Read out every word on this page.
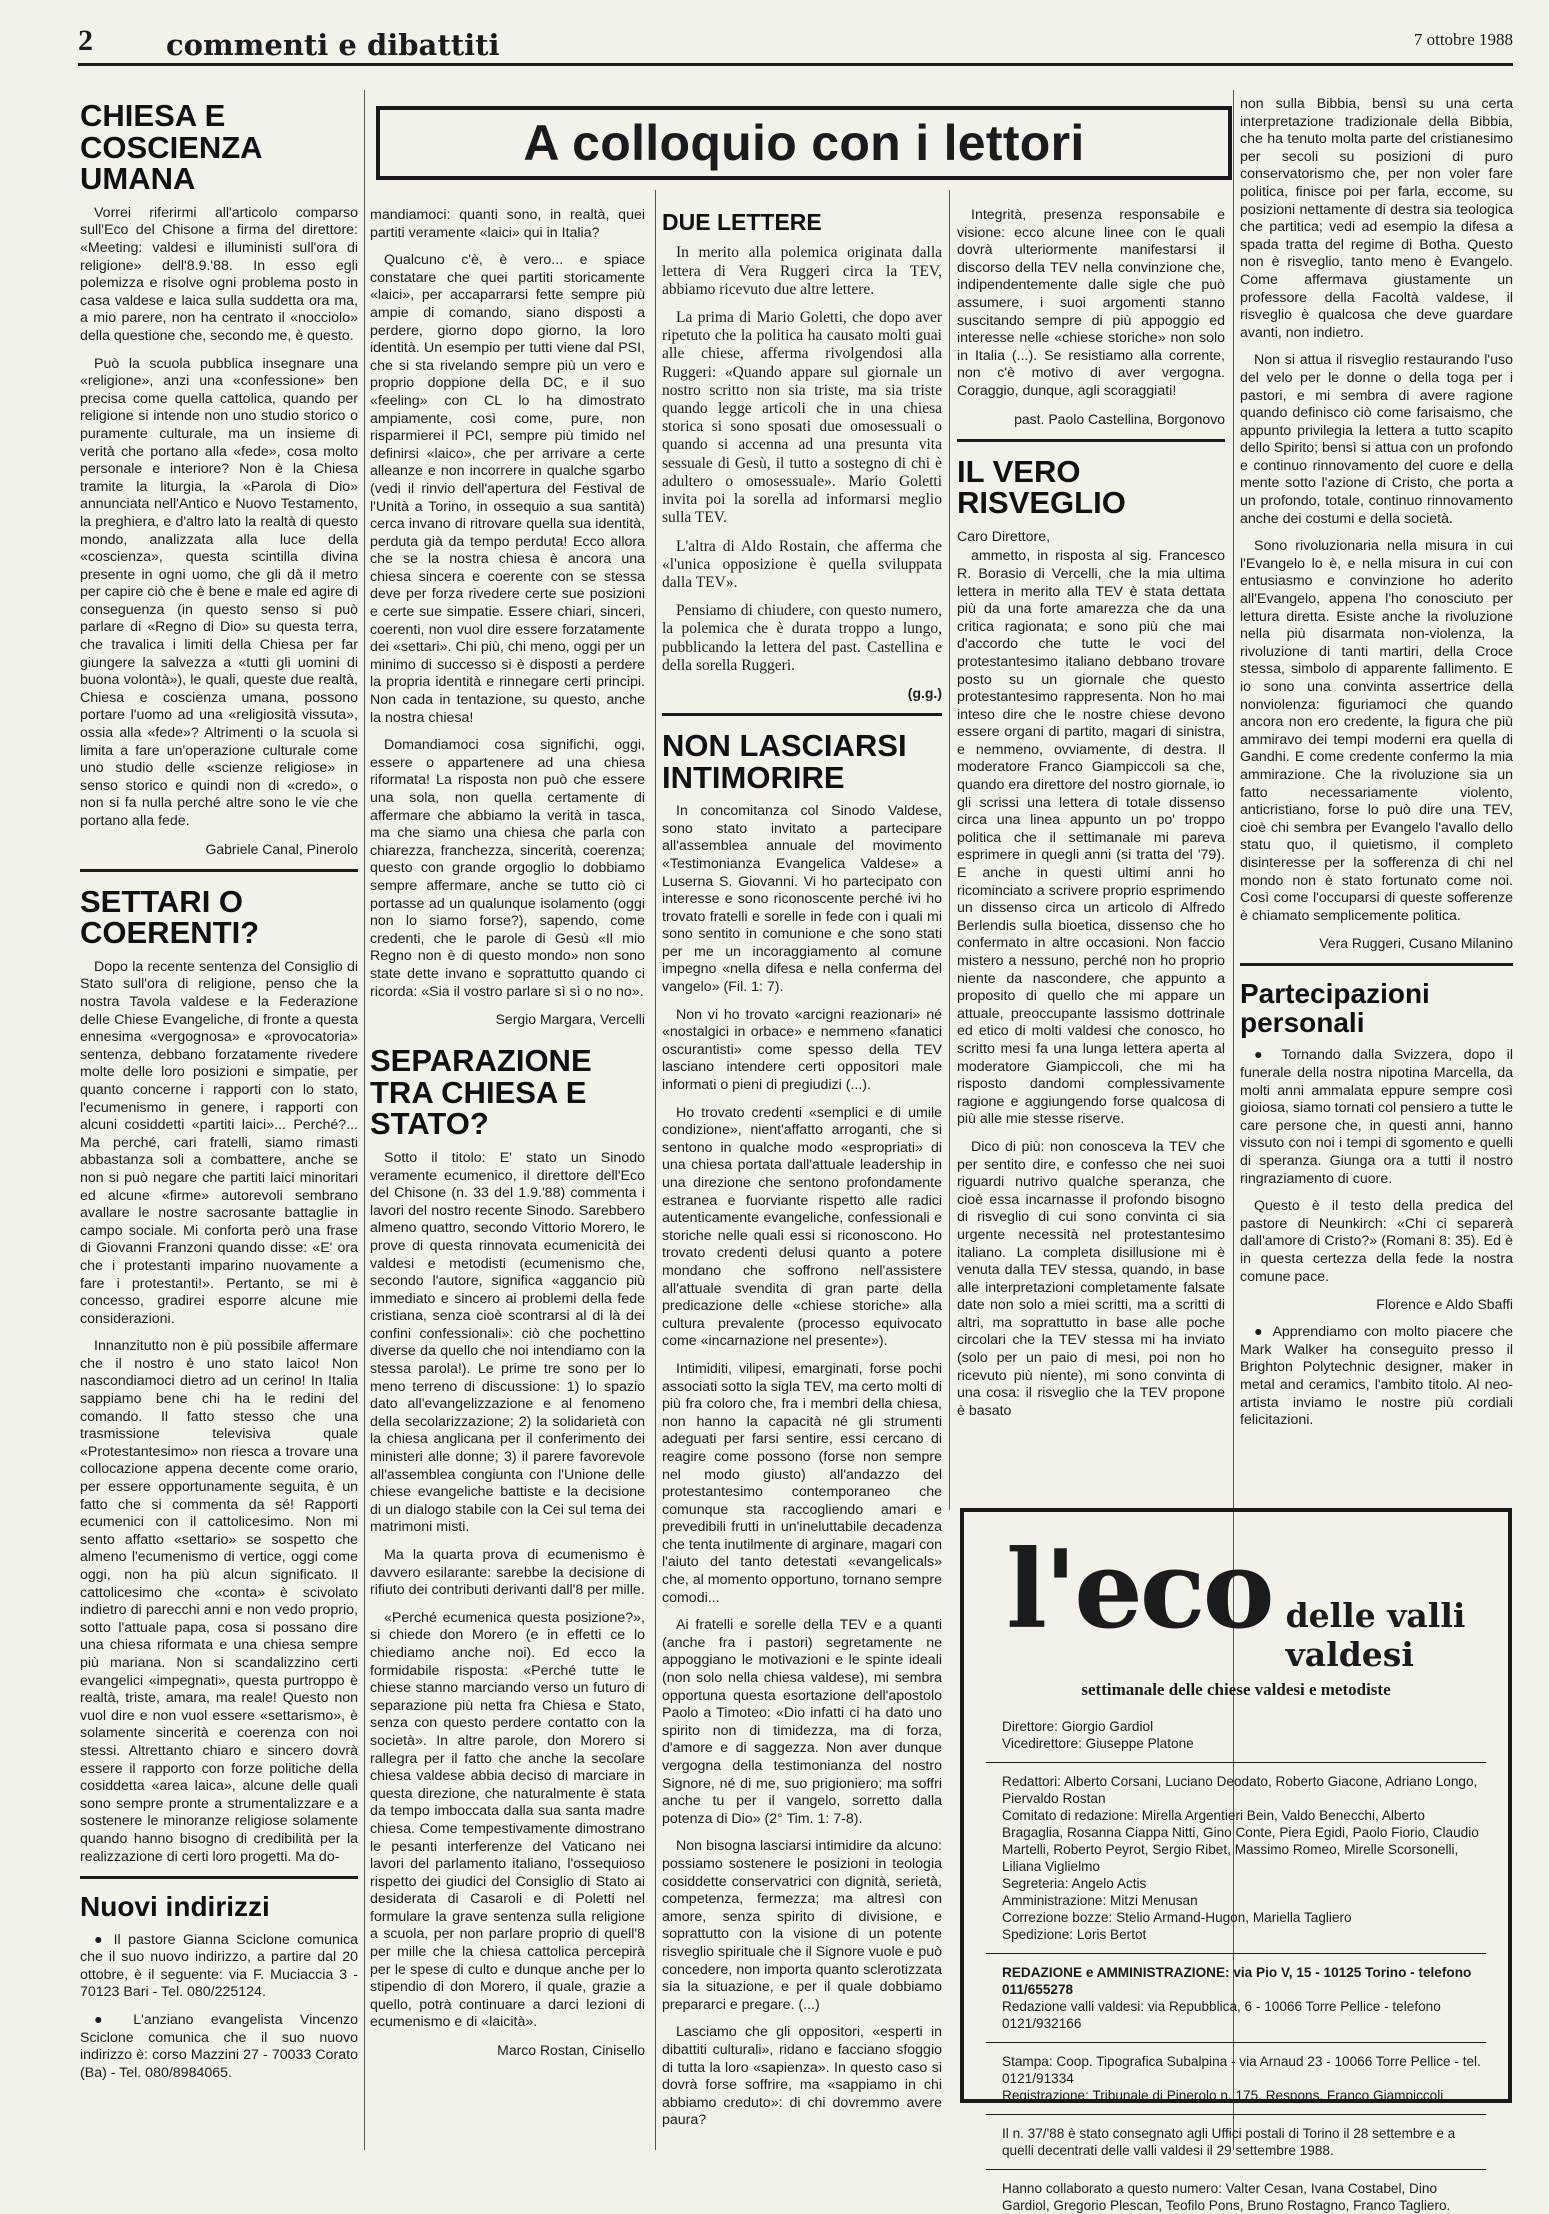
2	commenti e dibattiti	7 ottobre 1988
A colloquio con i lettori
CHIESA E COSCIENZA UMANA

Vorrei riferirmi all'articolo comparso sull'Eco del Chisone a firma del direttore: «Meeting: valdesi e illuministi sull'ora di religione» dell'8.9.'88. In esso egli polemizza e risolve ogni problema posto in casa valdese e laica sulla suddetta ora ma, a mio parere, non ha centrato il «nocciolo» della questione che, secondo me, è questo.

Può la scuola pubblica insegnare una «religione», anzi una «confessione» ben precisa come quella cattolica, quando per religione si intende non uno studio storico o puramente culturale, ma un insieme di verità che portano alla «fede», cosa molto personale e interiore? Non è la Chiesa tramite la liturgia, la «Parola di Dio» annunciata nell'Antico e Nuovo Testamento, la preghiera, e d'altro lato la realtà di questo mondo, analizzata alla luce della «coscienza», questa scintilla divina presente in ogni uomo, che gli dà il metro per capire ciò che è bene e male ed agire di conseguenza (in questo senso si può parlare di «Regno di Dio» su questa terra, che travalica i limiti della Chiesa per far giungere la salvezza a «tutti gli uomini di buona volontà»), le quali, queste due realtà, Chiesa e coscienza umana, possono portare l'uomo ad una «religiosità vissuta», ossia alla «fede»? Altrimenti o la scuola si limita a fare un'operazione culturale come uno studio delle «scienze religiose» in senso storico e quindi non di «credo», o non si fa nulla perché altre sono le vie che portano alla fede.

Gabriele Canal, Pinerolo
SETTARI O COERENTI?

Dopo la recente sentenza del Consiglio di Stato sull'ora di religione, penso che la nostra Tavola valdese e la Federazione delle Chiese Evangeliche, di fronte a questa ennesima «vergognosa» e «provocatoria» sentenza, debbano forzatamente rivedere molte delle loro posizioni e simpatie, per quanto concerne i rapporti con lo stato, l'ecumenismo in genere, i rapporti con alcuni cosiddetti «partiti laici»... Perché?... Ma perché, cari fratelli, siamo rimasti abbastanza soli a combattere, anche se non si può negare che partiti laici minoritari ed alcune «firme» autorevoli sembrano avallare le nostre sacrosante battaglie in campo sociale. Mi conforta però una frase di Giovanni Franzoni quando disse: «E' ora che i protestanti imparino nuovamente a fare i protestanti!». Pertanto, se mi è concesso, gradirei esporre alcune mie considerazioni.

Innanzitutto non è più possibile affermare che il nostro è uno stato laico! Non nascondiamoci dietro ad un cerino! In Italia sappiamo bene chi ha le redini del comando. Il fatto stesso che una trasmissione televisiva quale «Protestantesimo» non riesca a trovare una collocazione appena decente come orario, per essere opportunamente seguita, è un fatto che si commenta da sé! Rapporti ecumenici con il cattolicesimo. Non mi sento affatto «settario» se sospetto che almeno l'ecumenismo di vertice, oggi come oggi, non ha più alcun significato. Il cattolicesimo che «conta» è scivolato indietro di parecchi anni e non vedo proprio, sotto l'attuale papa, cosa si possano dire una chiesa riformata e una chiesa sempre più mariana. Non si scandalizzino certi evangelici «impegnati», questa purtroppo è realtà, triste, amara, ma reale! Questo non vuol dire e non vuol essere «settarismo», è solamente sincerità e coerenza con noi stessi. Altrettanto chiaro e sincero dovrà essere il rapporto con forze politiche della cosiddetta «area laica», alcune delle quali sono sempre pronte a strumentalizzare e a sostenere le minoranze religiose solamente quando hanno bisogno di credibilità per la realizzazione di certi loro progetti. Ma do-

Nuovi indirizzi

● Il pastore Gianna Sciclone comunica che il suo nuovo indirizzo, a partire dal 20 ottobre, è il seguente: via F. Muciaccia 3 - 70123 Bari - Tel. 080/225124.

● L'anziano evangelista Vincenzo Sciclone comunica che il suo nuovo indirizzo è: corso Mazzini 27 - 70033 Corato (Ba) - Tel. 080/8984065.

mandiamoci: quanti sono, in realtà, quei partiti veramente «laici» qui in Italia?

Qualcuno c'è, è vero... e spiace constatare che quei partiti storicamente «laici», per accaparrarsi fette sempre più ampie di comando, siano disposti a perdere, giorno dopo giorno, la loro identità. Un esempio per tutti viene dal PSI, che si sta rivelando sempre più un vero e proprio doppione della DC, e il suo «feeling» con CL lo ha dimostrato ampiamente, così come, pure, non risparmierei il PCI, sempre più timido nel definirsi «laico», che per arrivare a certe alleanze e non incorrere in qualche sgarbo (vedi il rinvio dell'apertura del Festival de l'Unità a Torino, in ossequio a sua santità) cerca invano di ritrovare quella sua identità, perduta già da tempo perduta! Ecco allora che se la nostra chiesa è ancora una chiesa sincera e coerente con se stessa deve per forza rivedere certe sue posizioni e certe sue simpatie. Essere chiari, sinceri, coerenti, non vuol dire essere forzatamente dei «settari». Chi più, chi meno, oggi per un minimo di successo si è disposti a perdere la propria identità e rinnegare certi principi. Non cada in tentazione, su questo, anche la nostra chiesa!

Domandiamoci cosa significhi, oggi, essere o appartenere ad una chiesa riformata! La risposta non può che essere una sola, non quella certamente di affermare che abbiamo la verità in tasca, ma che siamo una chiesa che parla con chiarezza, franchezza, sincerità, coerenza; questo con grande orgoglio lo dobbiamo sempre affermare, anche se tutto ciò ci portasse ad un qualunque isolamento (oggi non lo siamo forse?), sapendo, come credenti, che le parole di Gesù «Il mio Regno non è di questo mondo» non sono state dette invano e soprattutto quando ci ricorda: «Sia il vostro parlare sì sì o no no».

Sergio Margara, Vercelli
SEPARAZIONE TRA CHIESA E STATO?

Sotto il titolo: E' stato un Sinodo veramente ecumenico, il direttore dell'Eco del Chisone (n. 33 del 1.9.'88) commenta i lavori del nostro recente Sinodo. Sarebbero almeno quattro, secondo Vittorio Morero, le prove di questa rinnovata ecumenicità dei valdesi e metodisti (ecumenismo che, secondo l'autore, significa «aggancio più immediato e sincero ai problemi della fede cristiana, senza cioè scontrarsi al di là dei confini confessionali»: ciò che pochettino diverse da quello che noi intendiamo con la stessa parola!). Le prime tre sono per lo meno terreno di discussione: 1) lo spazio dato all'evangelizzazione e al fenomeno della secolarizzazione; 2) la solidarietà con la chiesa anglicana per il conferimento dei ministeri alle donne; 3) il parere favorevole all'assemblea congiunta con l'Unione delle chiese evangeliche battiste e la decisione di un dialogo stabile con la Cei sul tema dei matrimoni misti.

Ma la quarta prova di ecumenismo è davvero esilarante: sarebbe la decisione di rifiuto dei contributi derivanti dall'8 per mille.

«Perché ecumenica questa posizione?», si chiede don Morero (e in effetti ce lo chiediamo anche noi). Ed ecco la formidabile risposta: «Perché tutte le chiese stanno marciando verso un futuro di separazione più netta fra Chiesa e Stato, senza con questo perdere contatto con la società». In altre parole, don Morero si rallegra per il fatto che anche la secolare chiesa valdese abbia deciso di marciare in questa direzione, che naturalmente è stata da tempo imboccata dalla sua santa madre chiesa. Come tempestivamente dimostrano le pesanti interferenze del Vaticano nei lavori del parlamento italiano, l'ossequioso rispetto dei giudici del Consiglio di Stato ai desiderata di Casaroli e di Poletti nel formulare la grave sentenza sulla religione a scuola, per non parlare proprio di quell'8 per mille che la chiesa cattolica percepirà per le spese di culto e dunque anche per lo stipendio di don Morero, il quale, grazie a quello, potrà continuare a darci lezioni di ecumenismo e di «laicità».

Marco Rostan, Cinisello
DUE LETTERE

In merito alla polemica originata dalla lettera di Vera Ruggeri circa la TEV, abbiamo ricevuto due altre lettere.

La prima di Mario Goletti, che dopo aver ripetuto che la politica ha causato molti guai alle chiese, afferma rivolgendosi alla Ruggeri: «Quando appare sul giornale un nostro scritto non sia triste, ma sia triste quando legge articoli che in una chiesa storica si sono sposati due omosessuali o quando si accenna ad una presunta vita sessuale di Gesù, il tutto a sostegno di chi è adultero o omosessuale». Mario Goletti invita poi la sorella ad informarsi meglio sulla TEV.

L'altra di Aldo Rostain, che afferma che «l'unica opposizione è quella sviluppata dalla TEV».

Pensiamo di chiudere, con questo numero, la polemica che è durata troppo a lungo, pubblicando la lettera del past. Castellina e della sorella Ruggeri.

(g.g.)
NON LASCIARSI INTIMORIRE

In concomitanza col Sinodo Valdese, sono stato invitato a partecipare all'assemblea annuale del movimento «Testimonianza Evangelica Valdese» a Luserna S. Giovanni. Vi ho partecipato con interesse e sono riconoscente perché ivi ho trovato fratelli e sorelle in fede con i quali mi sono sentito in comunione e che sono stati per me un incoraggiamento al comune impegno «nella difesa e nella conferma del vangelo» (Fil. 1: 7).

Non vi ho trovato «arcigni reazionari» né «nostalgici in orbace» e nemmeno «fanatici oscurantisti» come spesso della TEV lasciano intendere certi oppositori male informati o pieni di pregiudizi (...).

Ho trovato credenti «semplici e di umile condizione», nient'affatto arroganti, che si sentono in qualche modo «espropriati» di una chiesa portata dall'attuale leadership in una direzione che sentono profondamente estranea e fuorviante rispetto alle radici autenticamente evangeliche, confessionali e storiche nelle quali essi si riconoscono. Ho trovato credenti delusi quanto a potere mondano che soffrono nell'assistere all'attuale svendita di gran parte della predicazione delle «chiese storiche» alla cultura prevalente (processo equivocato come «incarnazione nel presente»).

Intimiditi, vilipesi, emarginati, forse pochi associati sotto la sigla TEV, ma certo molti di più fra coloro che, fra i membri della chiesa, non hanno la capacità né gli strumenti adeguati per farsi sentire, essi cercano di reagire come possono (forse non sempre nel modo giusto) all'andazzo del protestantesimo contemporaneo che comunque sta raccogliendo amari e prevedibili frutti in un'ineluttabile decadenza che tenta inutilmente di arginare, magari con l'aiuto del tanto detestati «evangelicals» che, al momento opportuno, tornano sempre comodi...

Ai fratelli e sorelle della TEV e a quanti (anche fra i pastori) segretamente ne appoggiano le motivazioni e le spinte ideali (non solo nella chiesa valdese), mi sembra opportuna questa esortazione dell'apostolo Paolo a Timoteo: «Dio infatti ci ha dato uno spirito non di timidezza, ma di forza, d'amore e di saggezza. Non aver dunque vergogna della testimonianza del nostro Signore, né di me, suo prigioniero; ma soffri anche tu per il vangelo, sorretto dalla potenza di Dio» (2° Tim. 1: 7-8).

Non bisogna lasciarsi intimidire da alcuno: possiamo sostenere le posizioni in teologia cosiddette conservatrici con dignità, serietà, competenza, fermezza; ma altresì con amore, senza spirito di divisione, e soprattutto con la visione di un potente risveglio spirituale che il Signore vuole e può concedere, non importa quanto sclerotizzata sia la situazione, e per il quale dobbiamo prepararci e pregare. (...)

Lasciamo che gli oppositori, «esperti in dibattiti culturali», ridano e facciano sfoggio di tutta la loro «sapienza». In questo caso si dovrà forse soffrire, ma «sappiamo in chi abbiamo creduto»: di chi dovremmo avere paura?

Integrità, presenza responsabile e visione: ecco alcune linee con le quali dovrà ulteriormente manifestarsi il discorso della TEV nella convinzione che, indipendentemente dalle sigle che può assumere, i suoi argomenti stanno suscitando sempre di più appoggio ed interesse nelle «chiese storiche» non solo in Italia (...). Se resistiamo alla corrente, non c'è motivo di aver vergogna. Coraggio, dunque, agli scoraggiati!

past. Paolo Castellina, Borgonovo
IL VERO RISVEGLIO

Caro Direttore,

ammetto, in risposta al sig. Francesco R. Borasio di Vercelli, che la mia ultima lettera in merito alla TEV è stata dettata più da una forte amarezza che da una critica ragionata; e sono più che mai d'accordo che tutte le voci del protestantesimo italiano debbano trovare posto su un giornale che questo protestantesimo rappresenta. Non ho mai inteso dire che le nostre chiese devono essere organi di partito, magari di sinistra, e nemmeno, ovviamente, di destra. Il moderatore Franco Giampiccoli sa che, quando era direttore del nostro giornale, io gli scrissi una lettera di totale dissenso circa una linea appunto un po' troppo politica che il settimanale mi pareva esprimere in quegli anni (si tratta del '79). E anche in questi ultimi anni ho ricominciato a scrivere proprio esprimendo un dissenso circa un articolo di Alfredo Berlendis sulla bioetica, dissenso che ho confermato in altre occasioni. Non faccio mistero a nessuno, perché non ho proprio niente da nascondere, che appunto a proposito di quello che mi appare un attuale, preoccupante lassismo dottrinale ed etico di molti valdesi che conosco, ho scritto mesi fa una lunga lettera aperta al moderatore Giampiccoli, che mi ha risposto dandomi complessivamente ragione e aggiungendo forse qualcosa di più alle mie stesse riserve.

Dico di più: non conosceva la TEV che per sentito dire, e confesso che nei suoi riguardi nutrivo qualche speranza, che cioè essa incarnasse il profondo bisogno di risveglio di cui sono convinta ci sia urgente necessità nel protestantesimo italiano. La completa disillusione mi è venuta dalla TEV stessa, quando, in base alle interpretazioni completamente falsate date non solo a miei scritti, ma a scritti di altri, ma soprattutto in base alle poche circolari che la TEV stessa mi ha inviato (solo per un paio di mesi, poi non ho ricevuto più niente), mi sono convinta di una cosa: il risveglio che la TEV propone è basato

non sulla Bibbia, bensì su una certa interpretazione tradizionale della Bibbia, che ha tenuto molta parte del cristianesimo per secoli su posizioni di puro conservatorismo che, per non voler fare politica, finisce poi per farla, eccome, su posizioni nettamente di destra sia teologica che partitica; vedi ad esempio la difesa a spada tratta del regime di Botha. Questo non è risveglio, tanto meno è Evangelo. Come affermava giustamente un professore della Facoltà valdese, il risveglio è qualcosa che deve guardare avanti, non indietro.

Non si attua il risveglio restaurando l'uso del velo per le donne o della toga per i pastori, e mi sembra di avere ragione quando definisco ciò come farisaismo, che appunto privilegia la lettera a tutto scapito dello Spirito; bensì si attua con un profondo e continuo rinnovamento del cuore e della mente sotto l'azione di Cristo, che porta a un profondo, totale, continuo rinnovamento anche dei costumi e della società.

Sono rivoluzionaria nella misura in cui l'Evangelo lo è, e nella misura in cui con entusiasmo e convinzione ho aderito all'Evangelo, appena l'ho conosciuto per lettura diretta. Esiste anche la rivoluzione nella più disarmata non-violenza, la rivoluzione di tanti martiri, della Croce stessa, simbolo di apparente fallimento. E io sono una convinta assertrice della nonviolenza: figuriamoci che quando ancora non ero credente, la figura che più ammiravo dei tempi moderni era quella di Gandhi. E come credente confermo la mia ammirazione. Che la rivoluzione sia un fatto necessariamente violento, anticristiano, forse lo può dire una TEV, cioè chi sembra per Evangelo l'avallo dello statu quo, il quietismo, il completo disinteresse per la sofferenza di chi nel mondo non è stato fortunato come noi. Così come l'occuparsi di queste sofferenze è chiamato semplicemente politica.

Vera Ruggeri, Cusano Milanino
Partecipazioni personali

● Tornando dalla Svizzera, dopo il funerale della nostra nipotina Marcella, da molti anni ammalata eppure sempre così gioiosa, siamo tornati col pensiero a tutte le care persone che, in questi anni, hanno vissuto con noi i tempi di sgomento e quelli di speranza. Giunga ora a tutti il nostro ringraziamento di cuore.

Questo è il testo della predica del pastore di Neunkirch: «Chi ci separerà dall'amore di Cristo?» (Romani 8: 35). Ed è in questa certezza della fede la nostra comune pace.

Florence e Aldo Sbaffi

● Apprendiamo con molto piacere che Mark Walker ha conseguito presso il Brighton Polytechnic designer, maker in metal and ceramics, l'ambito titolo. Al neo-artista inviamo le nostre più cordiali felicitazioni.

l'eco delle valli valdesi
settimanale delle chiese valdesi e metodiste

Direttore: Giorgio Gardiol

Vicedirettore: Giuseppe Platone

Redattori: Alberto Corsani, Luciano Deodato, Roberto Giacone, Adriano Longo, Piervaldo Rostan

Comitato di redazione: Mirella Argentieri Bein, Valdo Benecchi, Alberto Bragaglia, Rosanna Ciappa Nitti, Gino Conte, Piera Egidi, Paolo Fiorio, Claudio Martelli, Roberto Peyrot, Sergio Ribet, Massimo Romeo, Mirelle Scorsonelli, Liliana Viglielmo

Segreteria: Angelo Actis

Amministrazione: Mitzi Menusan

Correzione bozze: Stelio Armand-Hugon, Mariella Tagliero

Spedizione: Loris Bertot

REDAZIONE e AMMINISTRAZIONE: via Pio V, 15 - 10125 Torino - telefono 011/655278

Redazione valli valdesi: via Repubblica, 6 - 10066 Torre Pellice - telefono 0121/932166

Stampa: Coop. Tipografica Subalpina - via Arnaud 23 - 10066 Torre Pellice - tel. 0121/91334

Registrazione: Tribunale di Pinerolo n. 175. Respons. Franco Giampiccoli

Il n. 37/'88 è stato consegnato agli Uffici postali di Torino il 28 settembre e a quelli decentrati delle valli valdesi il 29 settembre 1988.

Hanno collaborato a questo numero: Valter Cesan, Ivana Costabel, Dino Gardiol, Gregorio Plescan, Teofilo Pons, Bruno Rostagno, Franco Tagliero.
